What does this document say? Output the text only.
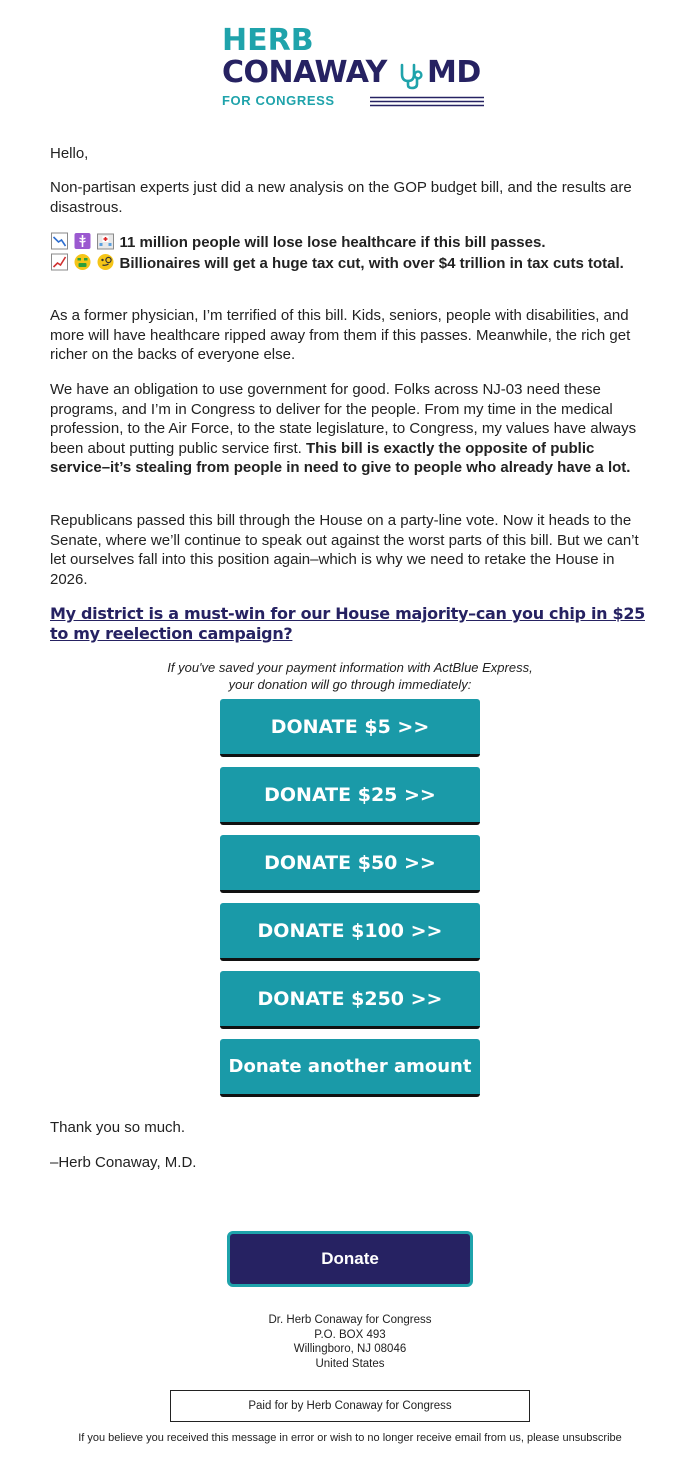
HERB
CONAWAY MD
FOR CONGRESS

Hello,

Non-partisan experts just did a new analysis on the GOP budget bill, and the results are disastrous.

11 million people will lose lose healthcare if this bill passes.
Billionaires will get a huge tax cut, with over $4 trillion in tax cuts total.

As a former physician, I’m terrified of this bill. Kids, seniors, people with disabilities, and more will have healthcare ripped away from them if this passes. Meanwhile, the rich get richer on the backs of everyone else.

We have an obligation to use government for good. Folks across NJ-03 need these programs, and I’m in Congress to deliver for the people. From my time in the medical profession, to the Air Force, to the state legislature, to Congress, my values have always been about putting public service first. This bill is exactly the opposite of public service–it’s stealing from people in need to give to people who already have a lot.

Republicans passed this bill through the House on a party-line vote. Now it heads to the Senate, where we’ll continue to speak out against the worst parts of this bill. But we can’t let ourselves fall into this position again–which is why we need to retake the House in 2026.

My district is a must-win for our House majority–can you chip in $25 to my reelection campaign?
If you've saved your payment information with ActBlue Express,
your donation will go through immediately:
DONATE $5 >>
DONATE $25 >>
DONATE $50 >>
DONATE $100 >>
DONATE $250 >>
Donate another amount

Thank you so much.

–Herb Conaway, M.D.

Donate
Dr. Herb Conaway for Congress
P.O. BOX 493
Willingboro, NJ 08046
United States
Paid for by Herb Conaway for Congress
If you believe you received this message in error or wish to no longer receive email from us, please unsubscribe
